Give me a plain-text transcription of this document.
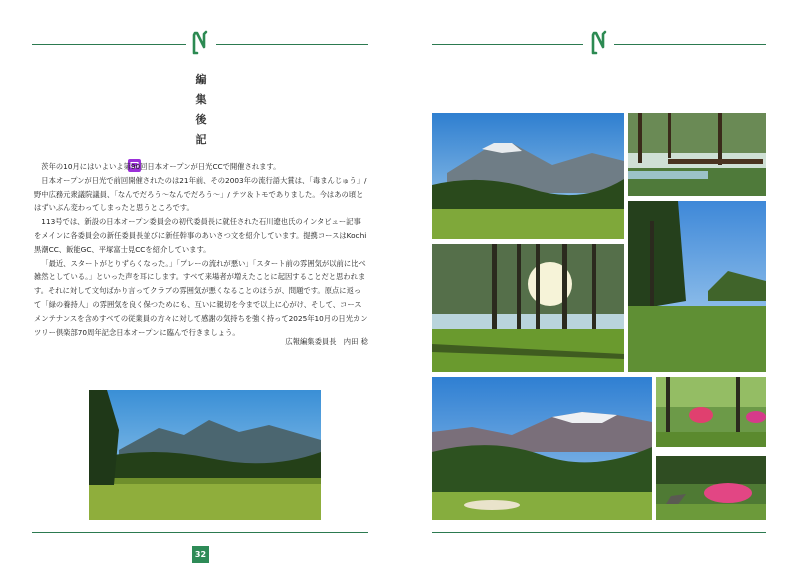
編
集
後
記

茨年の10月にはいよいよ第90回日本オープンが日光CCで開催されます。

日本オープンが日光で前回開催されたのは21年前、その2003年の流行語大賞は、「毒まんじゅう」/ 野中広務元衆議院議員、「なんでだろう〜なんでだろう〜」/ テツ＆トモでありました。今はあの頃とはずいぶん変わってしまったと思うところです。

113号では、新設の日本オープン委員会の初代委員長に就任された石川遼也氏のインタビュー記事をメインに各委員会の新任委員長並びに新任幹事のあいさつ文を紹介しています。提携コースはKochi黒潮CC、飯能GC、平塚富士見CCを紹介しています。

「最近、スタートがとりずらくなった。」「プレーの流れが悪い」「スタート前の雰囲気が以前に比べ雑然としている。」といった声を耳にします。すべて来場者が増えたことに起因することだと思われます。それに対して文句ばかり言ってクラブの雰囲気が悪くなることのほうが、問題です。原点に返って「緑の養持人」の雰囲気を良く保つためにも、互いに親切を今まで以上に心がけ、そして、コースメンテナンスを含めすべての従業員の方々に対して感謝の気持ちを強く持って2025年10月の日光カンツリー倶楽部70周年記念日本オープンに臨んで行きましょう。

広報編集委員長　内田 稔
32
